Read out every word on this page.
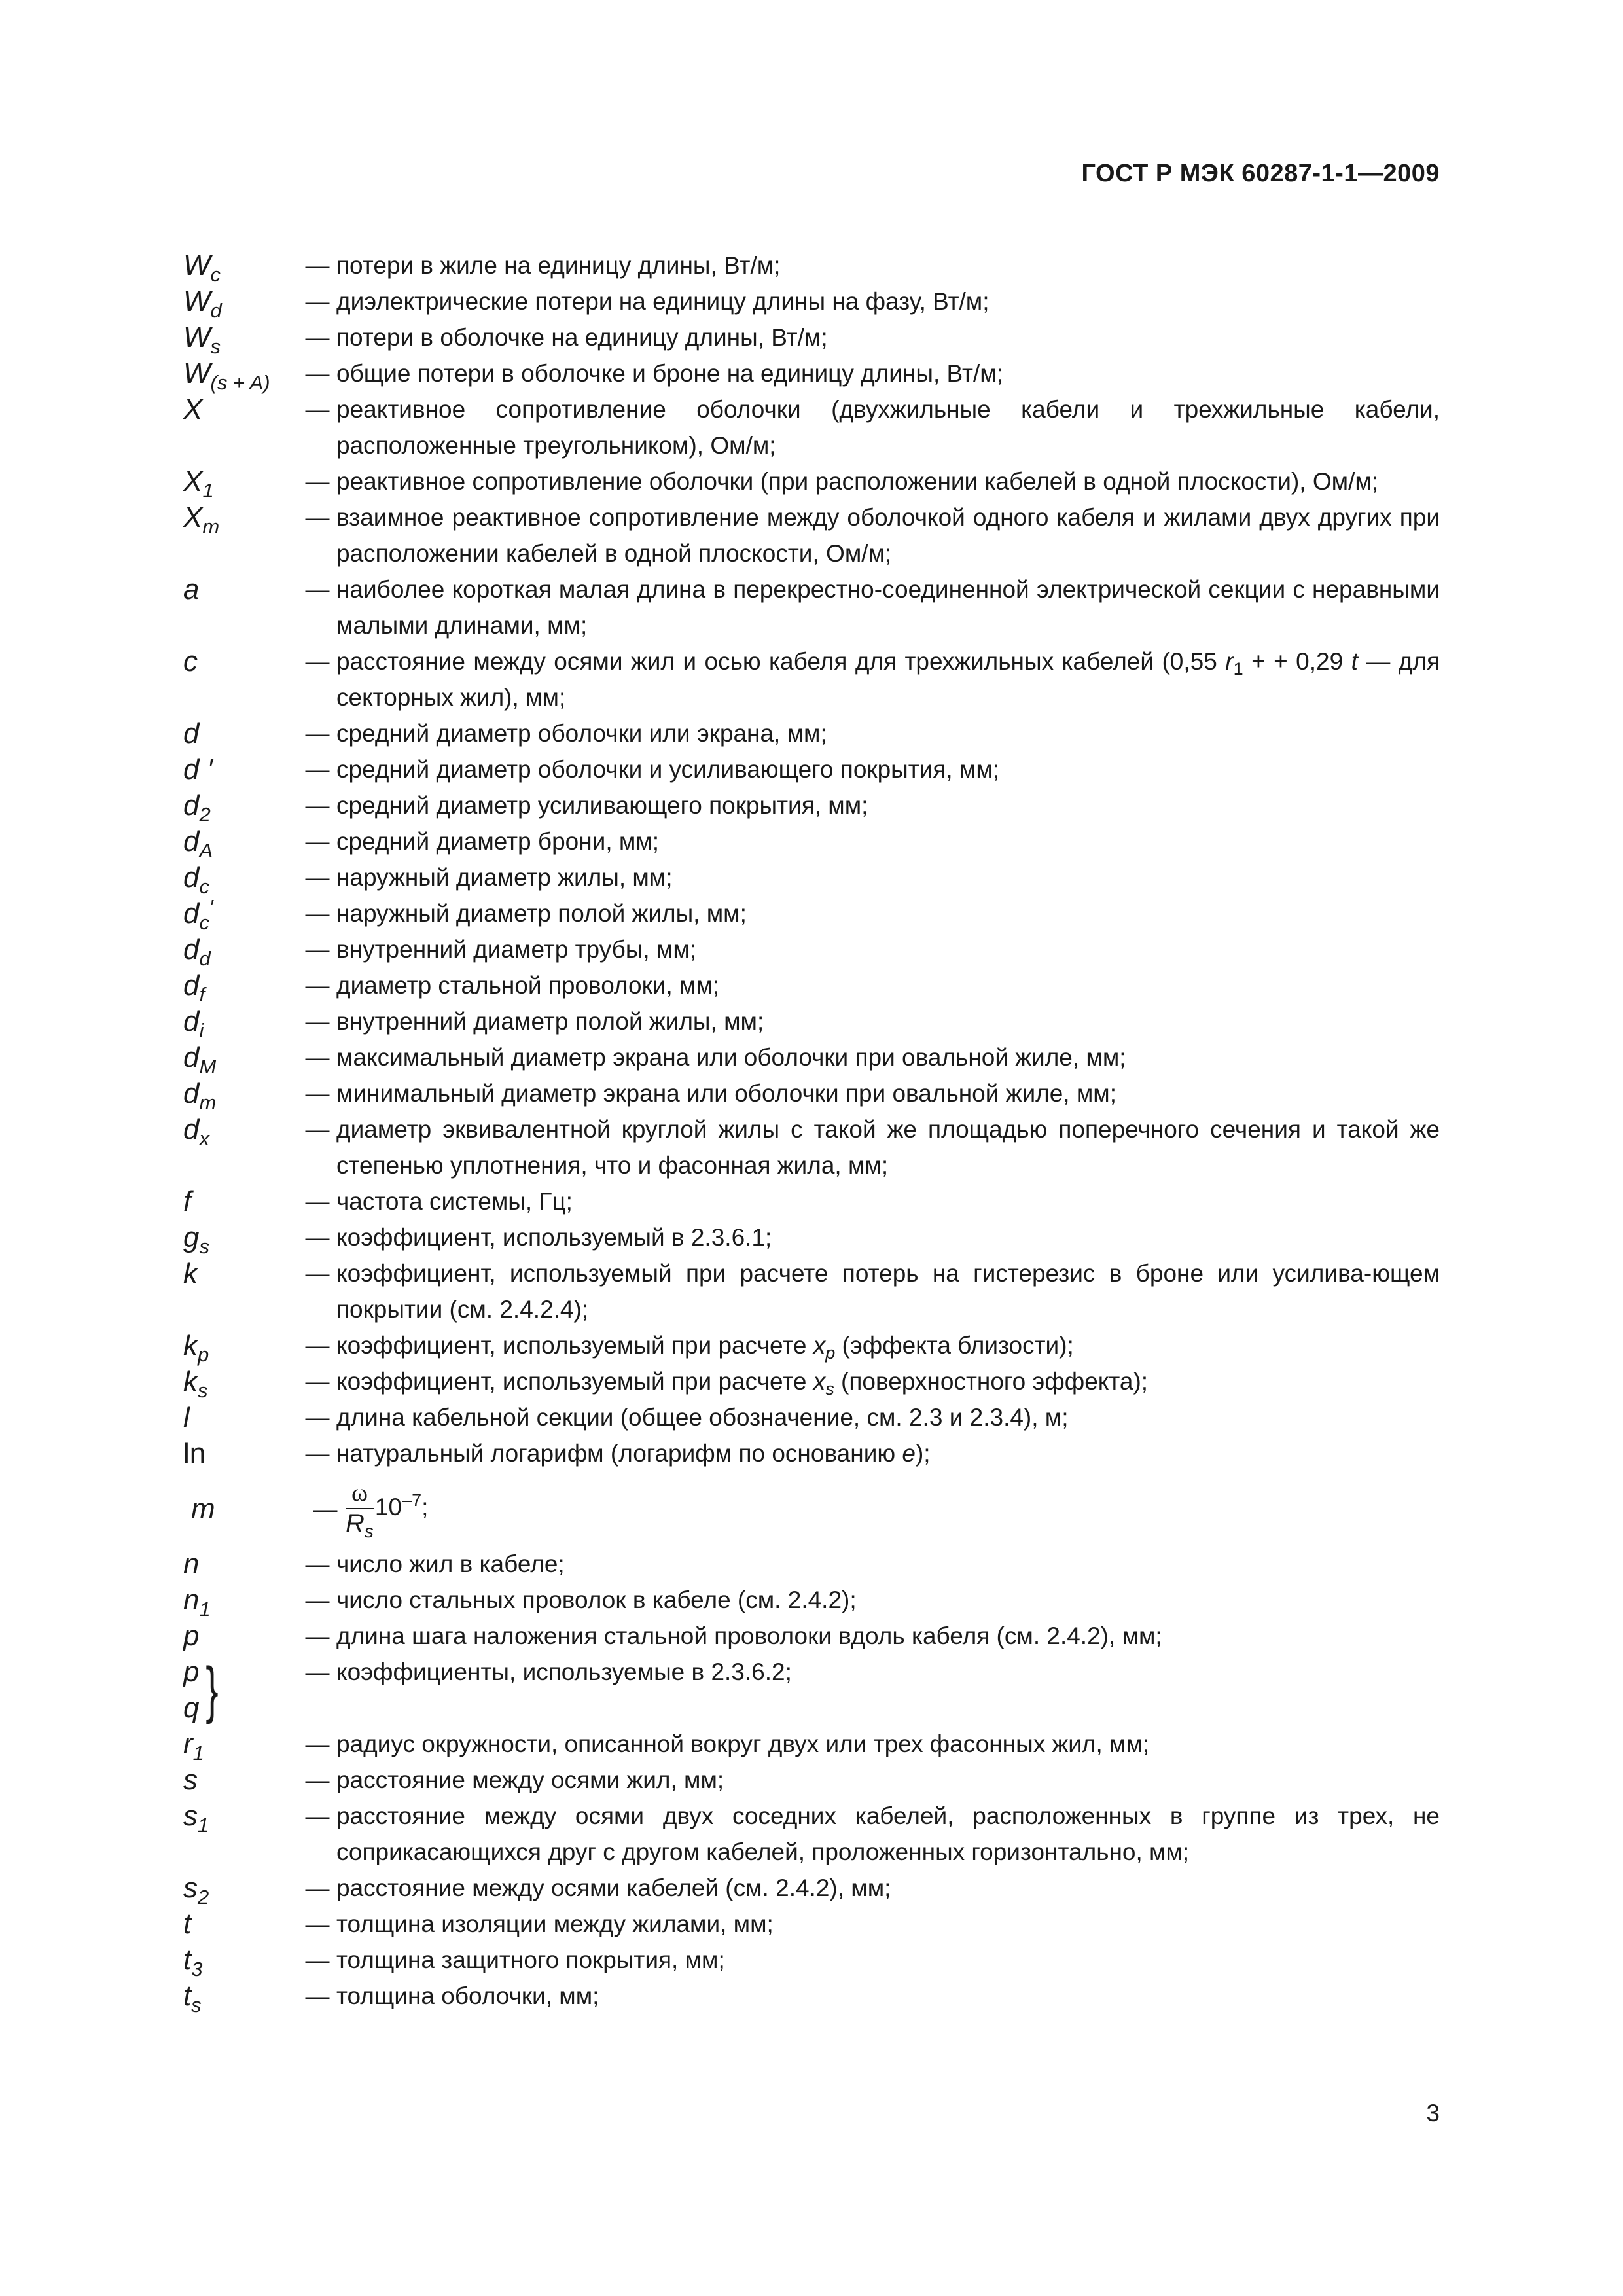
ГОСТ Р МЭК 60287-1-1—2009
$W_c$	— потери в жиле на единицу длины, Вт/м;
$W_d$	— диэлектрические потери на единицу длины на фазу, Вт/м;
$W_s$	— потери в оболочке на единицу длины, Вт/м;
$W_{(s + A)}$	— общие потери в оболочке и броне на единицу длины, Вт/м;
X	— реактивное сопротивление оболочки (двухжильные кабели и трехжильные кабели, расположенные треугольником), Ом/м;
$X_1$	— реактивное сопротивление оболочки (при расположении кабелей в одной плоскости), Ом/м;
$X_m$	— взаимное реактивное сопротивление между оболочкой одного кабеля и жилами двух других при расположении кабелей в одной плоскости, Ом/м;
a	— наиболее короткая малая длина в перекрестно-соединенной электрической секции с неравными малыми длинами, мм;
c	— расстояние между осями жил и осью кабеля для трехжильных кабелей (0,55 $r_1$ + + 0,29 t — для секторных жил), мм;
d	— средний диаметр оболочки или экрана, мм;
d ′	— средний диаметр оболочки и усиливающего покрытия, мм;
$d_2$	— средний диаметр усиливающего покрытия, мм;
$d_A$	— средний диаметр брони, мм;
$d_c$	— наружный диаметр жилы, мм;
$d_c'$	— наружный диаметр полой жилы, мм;
$d_d$	— внутренний диаметр трубы, мм;
$d_f$	— диаметр стальной проволоки, мм;
$d_i$	— внутренний диаметр полой жилы, мм;
$d_M$	— максимальный диаметр экрана или оболочки при овальной жиле, мм;
$d_m$	— минимальный диаметр экрана или оболочки при овальной жиле, мм;
$d_x$	— диаметр эквивалентной круглой жилы с такой же площадью поперечного сечения и такой же степенью уплотнения, что и фасонная жила, мм;
f	— частота системы, Гц;
$g_s$	— коэффициент, используемый в 2.3.6.1;
k	— коэффициент, используемый при расчете потерь на гистерезис в броне или усилива-ющем покрытии (см. 2.4.2.4);
$k_p$	— коэффициент, используемый при расчете $x_p$ (эффекта близости);
$k_s$	— коэффициент, используемый при расчете $x_s$ (поверхностного эффекта);
l	— длина кабельной секции (общее обозначение, см. 2.3 и 2.3.4), м;
ln	— натуральный логарифм (логарифм по основанию e);
m	— $\frac{\omega}{R_s} 10^{-7}$;
n	— число жил в кабеле;
$n_1$	— число стальных проволок в кабеле (см. 2.4.2);
p	— длина шага наложения стальной проволоки вдоль кабеля (см. 2.4.2), мм;
p
q }	— коэффициенты, используемые в 2.3.6.2;
$r_1$	— радиус окружности, описанной вокруг двух или трех фасонных жил, мм;
s	— расстояние между осями жил, мм;
$s_1$	— расстояние между осями двух соседних кабелей, расположенных в группе из трех, не соприкасающихся друг с другом кабелей, проложенных горизонтально, мм;
$s_2$	— расстояние между осями кабелей (см. 2.4.2), мм;
t	— толщина изоляции между жилами, мм;
$t_3$	— толщина защитного покрытия, мм;
$t_s$	— толщина оболочки, мм;
3
